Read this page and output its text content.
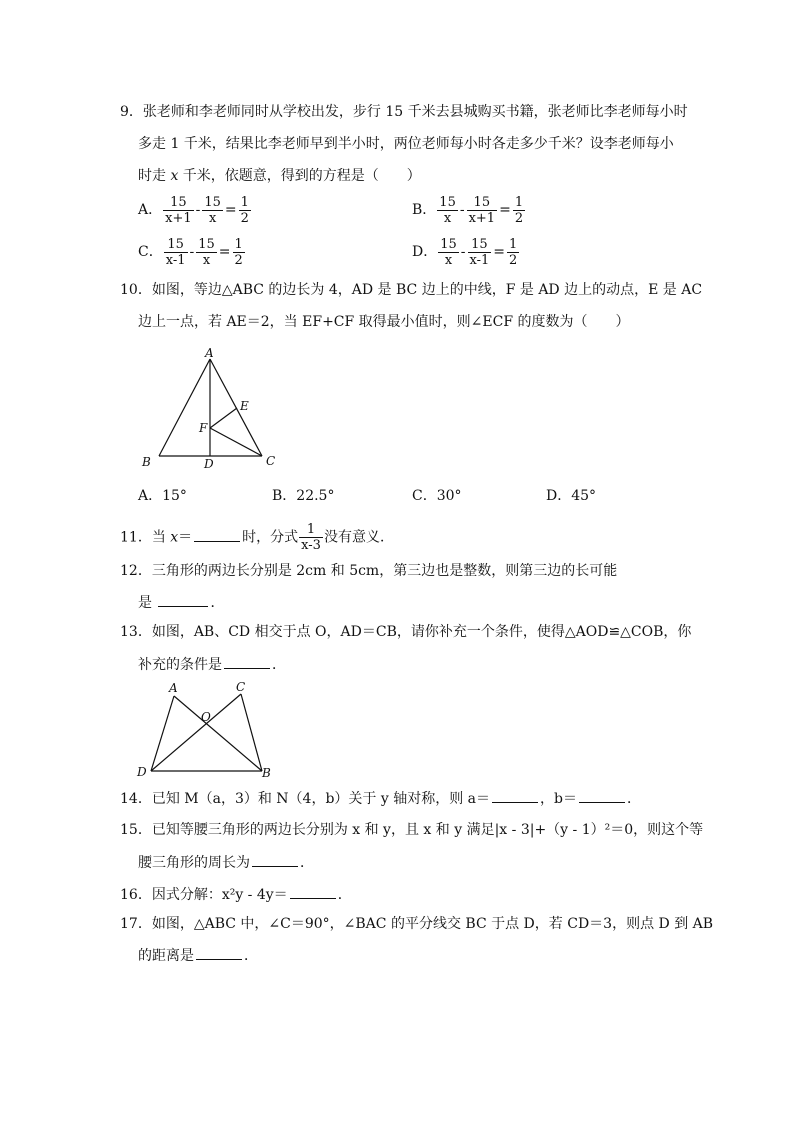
9．张老师和李老师同时从学校出发，步行 15 千米去县城购买书籍，张老师比李老师每小时
多走 1 千米，结果比李老师早到半小时，两位老师每小时各走多少千米？设李老师每小
时走 x 千米，依题意，得到的方程是（　　）
A． $\frac{15}{x+1} - \frac{15}{x} = \frac{1}{2}$	B． $\frac{15}{x} - \frac{15}{x+1} = \frac{1}{2}$
C． $\frac{15}{x-1} - \frac{15}{x} = \frac{1}{2}$	D． $\frac{15}{x} - \frac{15}{x-1} = \frac{1}{2}$
10．如图，等边△ABC 的边长为 4，AD 是 BC 边上的中线，F 是 AD 边上的动点，E 是 AC
边上一点，若 AE＝2，当 EF+CF 取得最小值时，则∠ECF 的度数为（　　）
A
B	C
D
E
F
A．15°	B．22.5°	C．30°	D．45°
11．当 x＝	时，分式 $\frac{1}{x-3}$ 没有意义．
12．三角形的两边长分别是 2cm 和 5cm，第三边也是整数，则第三边的长可能
是	．
13．如图，AB、CD 相交于点 O，AD＝CB，请你补充一个条件，使得△AOD≌△COB，你
补充的条件是	．
A	C
O
D	B
14．已知 M（a，3）和 N（4，b）关于 y 轴对称，则 a＝	，b＝	．
15．已知等腰三角形的两边长分别为 x 和 y，且 x 和 y 满足|x - 3|+（y - 1）²＝0，则这个等
腰三角形的周长为	．
16．因式分解：x²y - 4y＝	．
17．如图，△ABC 中，∠C＝90°，∠BAC 的平分线交 BC 于点 D，若 CD＝3，则点 D 到 AB
的距离是	．
